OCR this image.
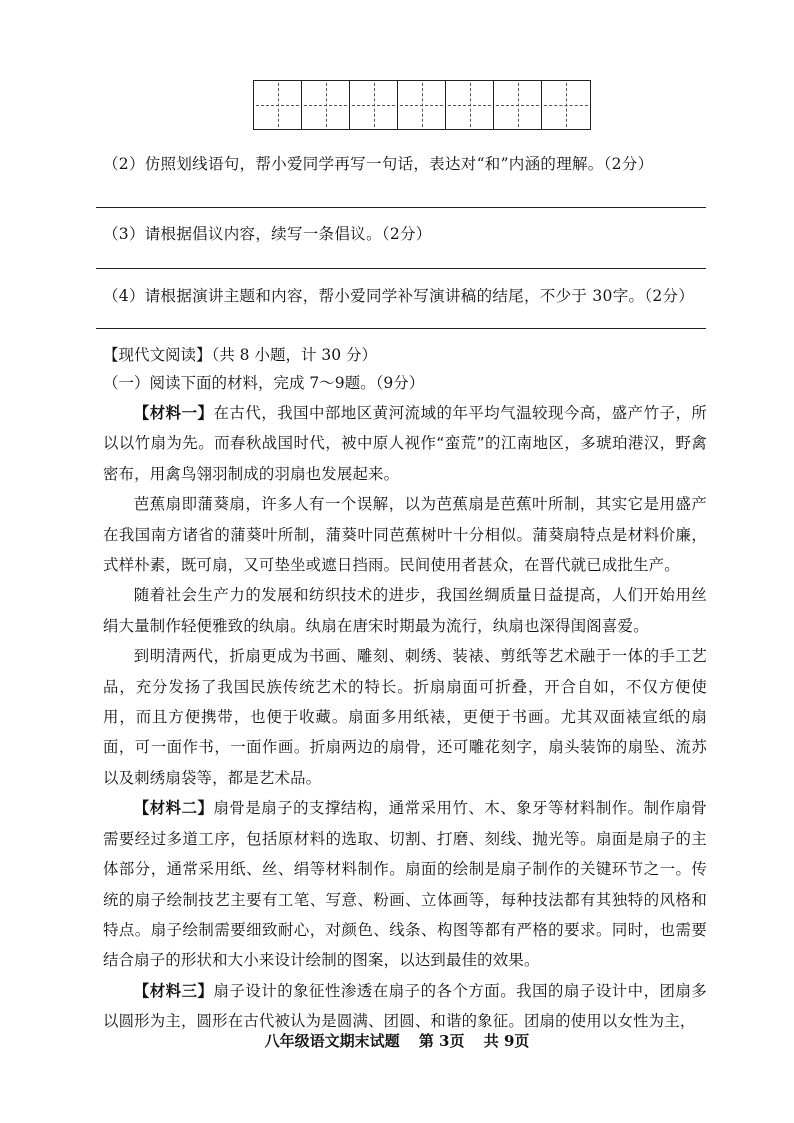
（2）仿照划线语句，帮小爱同学再写一句话，表达对“和”内涵的理解。（2分）
（3）请根据倡议内容，续写一条倡议。（2分）
（4）请根据演讲主题和内容，帮小爱同学补写演讲稿的结尾，不少于 30字。（2分）
【现代文阅读】（共 8 小题，计 30 分）
（一）阅读下面的材料，完成 7～9题。（9分）

【材料一】在古代，我国中部地区黄河流域的年平均气温较现今高，盛产竹子，所以以竹扇为先。而春秋战国时代，被中原人视作“蛮荒”的江南地区，多琥珀港汉，野禽密布，用禽鸟翎羽制成的羽扇也发展起来。

芭蕉扇即蒲葵扇，许多人有一个误解，以为芭蕉扇是芭蕉叶所制，其实它是用盛产在我国南方诸省的蒲葵叶所制，蒲葵叶同芭蕉树叶十分相似。蒲葵扇特点是材料价廉，式样朴素，既可扇，又可垫坐或遮日挡雨。民间使用者甚众，在晋代就已成批生产。

随着社会生产力的发展和纺织技术的进步，我国丝绸质量日益提高，人们开始用丝绢大量制作轻便雅致的纨扇。纨扇在唐宋时期最为流行，纨扇也深得闺阁喜爱。

到明清两代，折扇更成为书画、雕刻、刺绣、装裱、剪纸等艺术融于一体的手工艺品，充分发扬了我国民族传统艺术的特长。折扇扇面可折叠，开合自如，不仅方便使用，而且方便携带，也便于收藏。扇面多用纸裱，更便于书画。尤其双面裱宣纸的扇面，可一面作书，一面作画。折扇两边的扇骨，还可雕花刻字，扇头装饰的扇坠、流苏以及刺绣扇袋等，都是艺术品。

【材料二】扇骨是扇子的支撑结构，通常采用竹、木、象牙等材料制作。制作扇骨需要经过多道工序，包括原材料的选取、切割、打磨、刻线、抛光等。扇面是扇子的主体部分，通常采用纸、丝、绢等材料制作。扇面的绘制是扇子制作的关键环节之一。传统的扇子绘制技艺主要有工笔、写意、粉画、立体画等，每种技法都有其独特的风格和特点。扇子绘制需要细致耐心，对颜色、线条、构图等都有严格的要求。同时，也需要结合扇子的形状和大小来设计绘制的图案，以达到最佳的效果。

【材料三】扇子设计的象征性渗透在扇子的各个方面。我国的扇子设计中，团扇多以圆形为主，圆形在古代被认为是圆满、团圆、和谐的象征。团扇的使用以女性为主，

八年级语文期末试题 第 3页 共 9页
